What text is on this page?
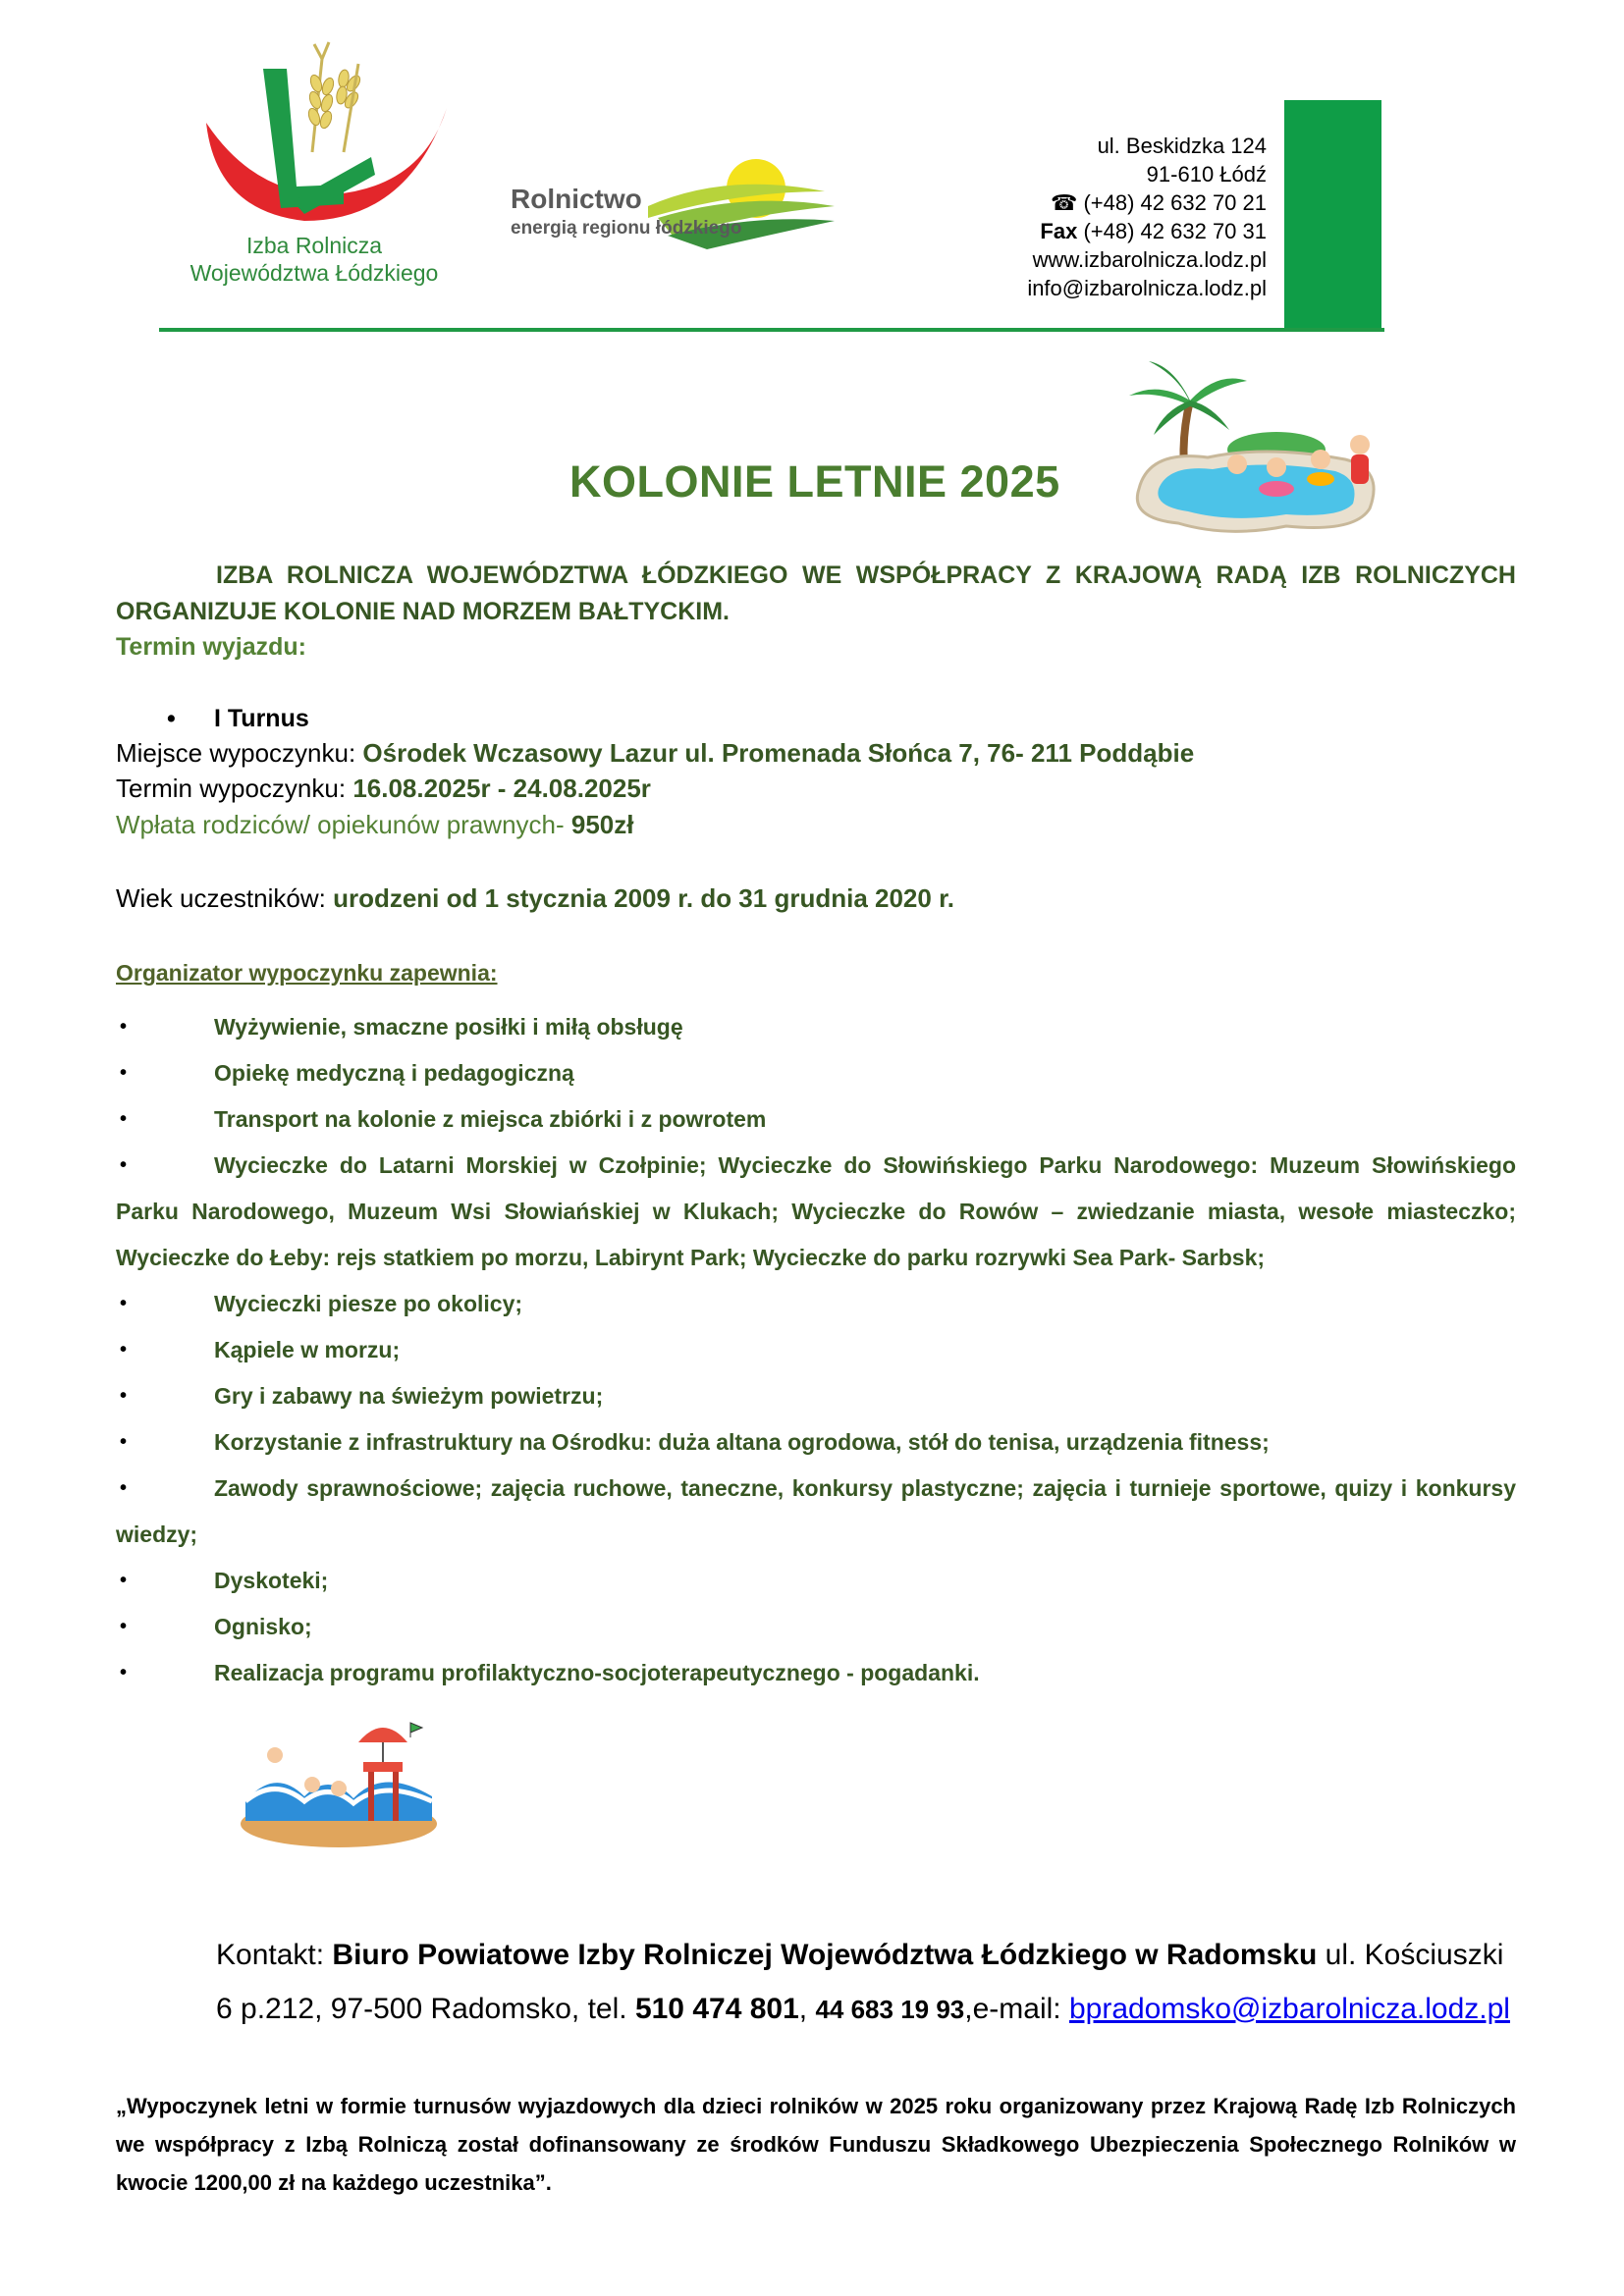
Izba Rolnicza
Województwa Łódzkiego
Rolnictwo
energią regionu łódzkiego
ul. Beskidzka 124
91-610 Łódź
☎ (+48) 42 632 70 21
Fax (+48) 42 632 70 31
www.izbarolnicza.lodz.pl
info@izbarolnicza.lodz.pl
KOLONIE LETNIE 2025
IZBA ROLNICZA WOJEWÓDZTWA ŁÓDZKIEGO WE WSPÓŁPRACY Z KRAJOWĄ RADĄ IZB ROLNICZYCH ORGANIZUJE KOLONIE NAD MORZEM BAŁTYCKIM.
Termin wyjazdu:
• I Turnus
Miejsce wypoczynku: Ośrodek Wczasowy Lazur ul. Promenada Słońca 7, 76- 211 Poddąbie
Termin wypoczynku: 16.08.2025r - 24.08.2025r
Wpłata rodziców/ opiekunów prawnych- 950zł
Wiek uczestników: urodzeni od 1 stycznia 2009 r. do 31 grudnia 2020 r.
Organizator wypoczynku zapewnia:
•	Wyżywienie, smaczne posiłki i miłą obsługę
•	Opiekę medyczną i pedagogiczną
•	Transport na kolonie z miejsca zbiórki i z powrotem
•	Wycieczke do Latarni Morskiej w Czołpinie; Wycieczke do Słowińskiego Parku Narodowego: Muzeum Słowińskiego Parku Narodowego, Muzeum Wsi Słowiańskiej w Klukach; Wycieczke do Rowów – zwiedzanie miasta, wesołe miasteczko; Wycieczke do Łeby: rejs statkiem po morzu, Labirynt Park; Wycieczke do parku rozrywki Sea Park- Sarbsk;
•	Wycieczki piesze po okolicy;
•	Kąpiele w morzu;
•	Gry i zabawy na świeżym powietrzu;
•	Korzystanie z infrastruktury na Ośrodku: duża altana ogrodowa, stół do tenisa, urządzenia fitness;
•	Zawody sprawnościowe; zajęcia ruchowe, taneczne, konkursy plastyczne; zajęcia i turnieje sportowe, quizy i konkursy wiedzy;
•	Dyskoteki;
•	Ognisko;
•	Realizacja programu profilaktyczno-socjoterapeutycznego - pogadanki.
Kontakt: Biuro Powiatowe Izby Rolniczej Województwa Łódzkiego w Radomsku ul. Kościuszki 6 p.212, 97-500 Radomsko, tel. 510 474 801, 44 683 19 93,e-mail: bpradomsko@izbarolnicza.lodz.pl
„Wypoczynek letni w formie turnusów wyjazdowych dla dzieci rolników w 2025 roku organizowany przez Krajową Radę Izb Rolniczych we współpracy z Izbą Rolniczą został dofinansowany ze środków Funduszu Składkowego Ubezpieczenia Społecznego Rolników w kwocie 1200,00 zł na każdego uczestnika”.
